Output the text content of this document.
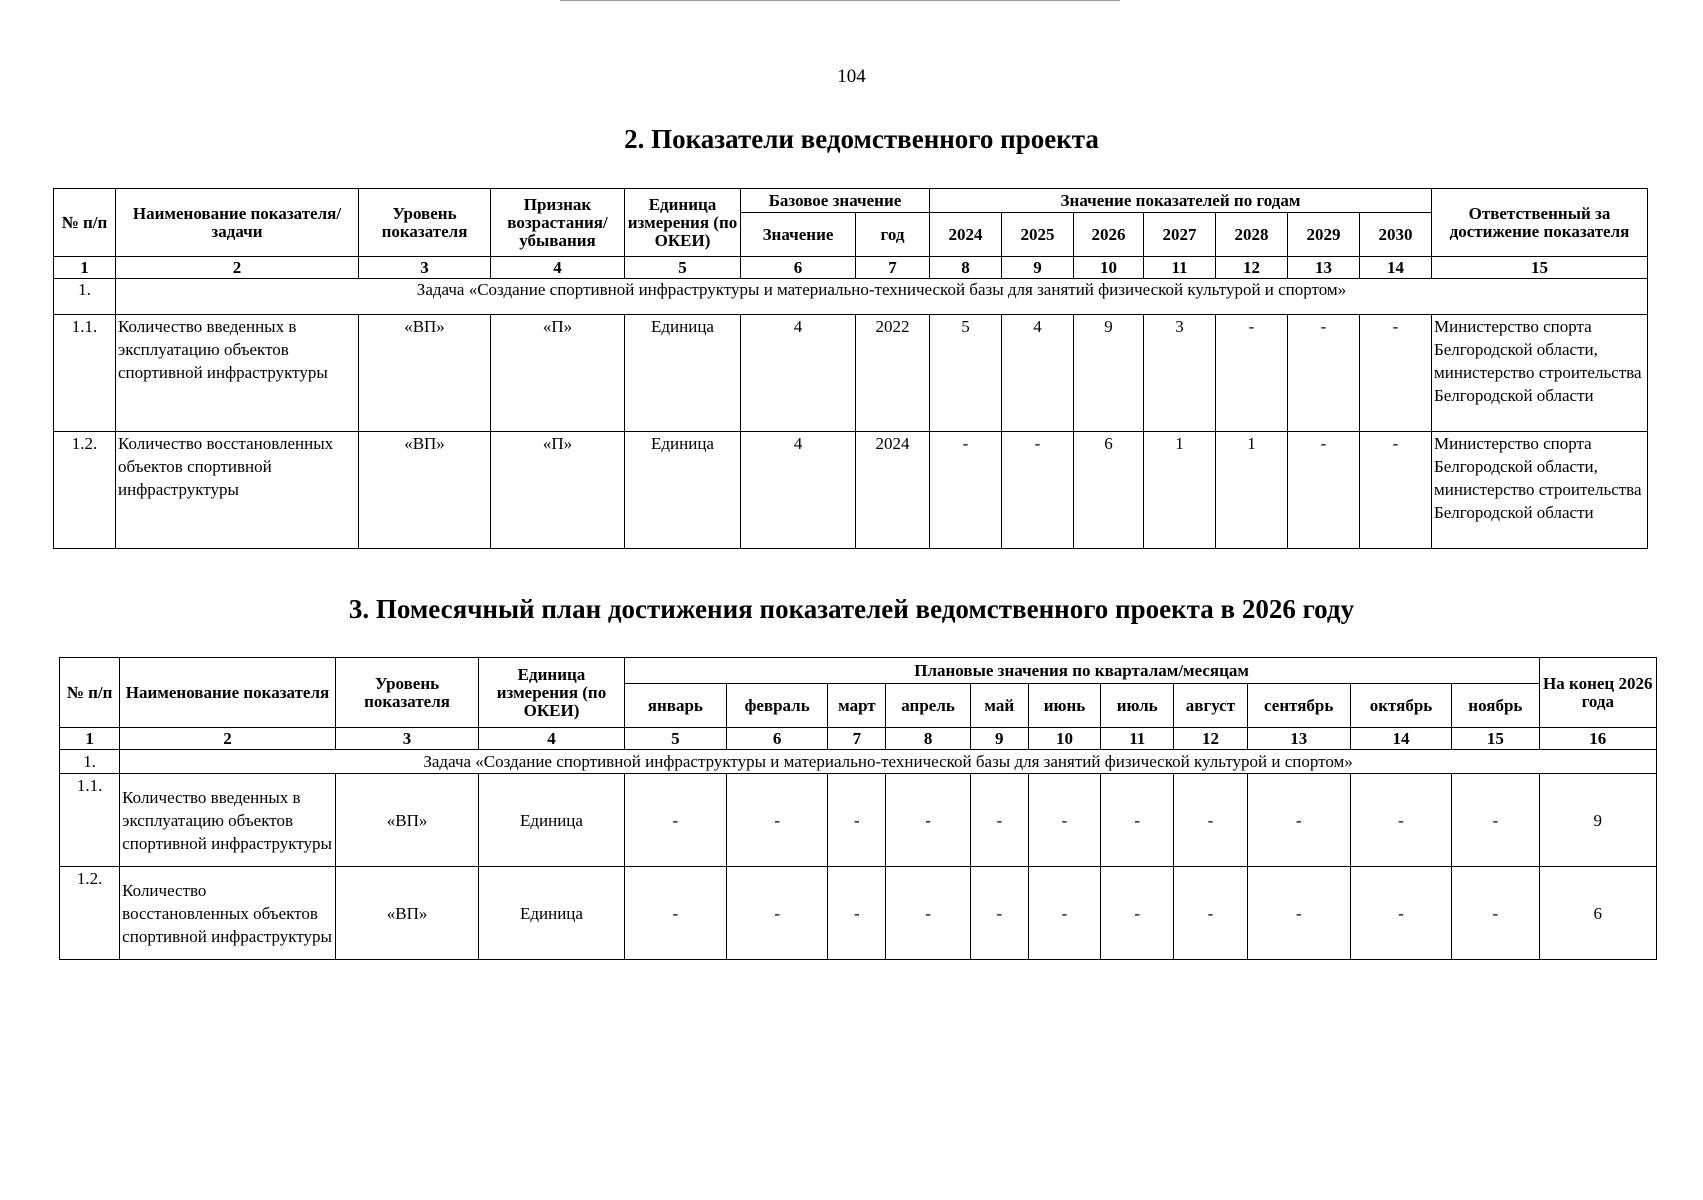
104
2. Показатели ведомственного проекта
№ п/п	Наименование показателя/задачи	Уровень показателя	Признак возрастания/ убывания	Единица измерения (по ОКЕИ)	Базовое значение		Значение показателей по годам							Ответственный за достижение показателя
					Значение	год	2024	2025	2026	2027	2028	2029	2030	
1	2	3	4	5	6	7	8	9	10	11	12	13	14	15
1.	Задача «Создание спортивной инфраструктуры и материально-технической базы для занятий физической культурой и спортом»													
1.1.	Количество введенных в эксплуатацию объектов спортивной инфраструктуры	«ВП»	«П»	Единица	4	2022	5	4	9	3	-	-	-	Министерство спорта Белгородской области, министерство строительства Белгородской области
1.2.	Количество восстановленных объектов спортивной инфраструктуры	«ВП»	«П»	Единица	4	2024	-	-	6	1	1	-	-	Министерство спорта Белгородской области, министерство строительства Белгородской области
3. Помесячный план достижения показателей ведомственного проекта в 2026 году
№ п/п	Наименование показателя	Уровень показателя	Единица измерения (по ОКЕИ)	Плановые значения по кварталам/месяцам											На конец 2026 года
				январь	февраль	март	апрель	май	июнь	июль	август	сентябрь	октябрь	ноябрь	
1	2	3	4	5	6	7	8	9	10	11	12	13	14	15	16
1.	Задача «Создание спортивной инфраструктуры и материально-технической базы для занятий физической культурой и спортом»														
1.1.	Количество введенных в эксплуатацию объектов спортивной инфраструктуры	«ВП»	Единица	-	-	-	-	-	-	-	-	-	-	-	9
1.2.	Количество восстановленных объектов спортивной инфраструктуры	«ВП»	Единица	-	-	-	-	-	-	-	-	-	-	-	6
